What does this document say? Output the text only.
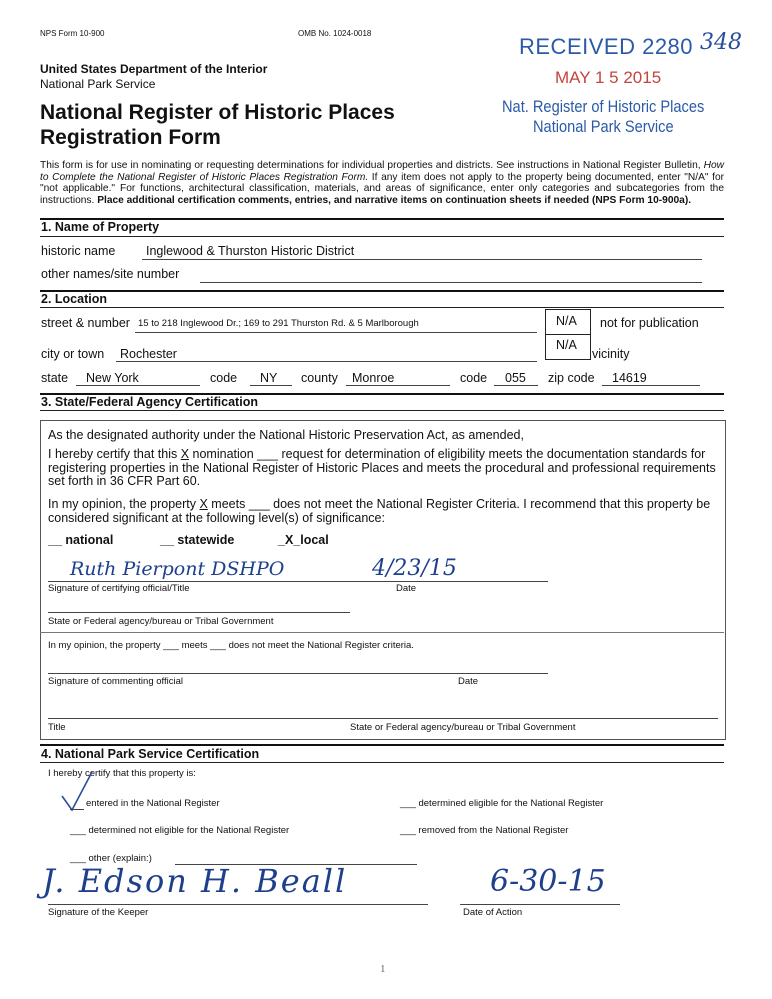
NPS Form 10-900	OMB No. 1024-0018
United States Department of the Interior
National Park Service
National Register of Historic Places
Registration Form
RECEIVED 2280 348
MAY 1 5 2015
Nat. Register of Historic Places
National Park Service
This form is for use in nominating or requesting determinations for individual properties and districts. See instructions in National Register Bulletin, How to Complete the National Register of Historic Places Registration Form. If any item does not apply to the property being documented, enter "N/A" for "not applicable." For functions, architectural classification, materials, and areas of significance, enter only categories and subcategories from the instructions. Place additional certification comments, entries, and narrative items on continuation sheets if needed (NPS Form 10-900a).
1. Name of Property
historic name Inglewood & Thurston Historic District
other names/site number
2. Location
street & number 15 to 218 Inglewood Dr.; 169 to 291 Thurston Rd. & 5 Marlborough	N/A not for publication
city or town Rochester
N/A
vicinity
state New York	code NY county Monroe	code 055 zip code 14619
3. State/Federal Agency Certification
As the designated authority under the National Historic Preservation Act, as amended,
I hereby certify that this X nomination ___ request for determination of eligibility meets the documentation standards for registering properties in the National Register of Historic Places and meets the procedural and professional requirements set forth in 36 CFR Part 60.
In my opinion, the property X meets ___ does not meet the National Register Criteria. I recommend that this property be considered significant at the following level(s) of significance:
__ national	__ statewide	_X_local
Ruth Pierpont DSHPO	4/23/15
Signature of certifying official/Title	Date
State or Federal agency/bureau or Tribal Government
In my opinion, the property ___ meets ___ does not meet the National Register criteria.
Signature of commenting official	Date
Title	State or Federal agency/bureau or Tribal Government
4. National Park Service Certification
I hereby certify that this property is:
entered in the National Register	___ determined eligible for the National Register
___ determined not eligible for the National Register	___ removed from the National Register
___ other (explain:)
J. Edson H. Beall	6-30-15
Signature of the Keeper	Date of Action
1
